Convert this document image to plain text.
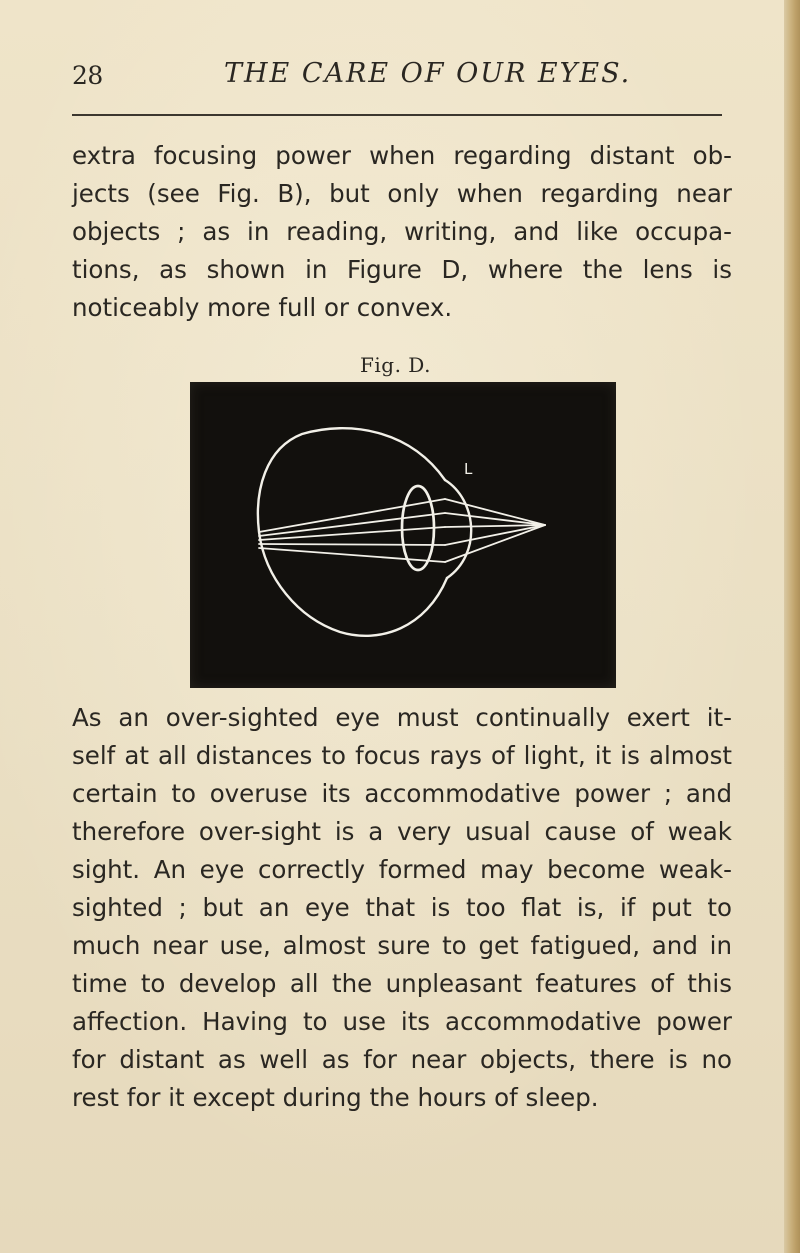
28	THE CARE OF OUR EYES.
extra focusing power when regarding distant ob-
jects (see Fig. B), but only when regarding near
objects ; as in reading, writing, and like occupa-
tions, as shown in Figure D, where the lens is
noticeably more full or convex.
Fig. D.
L
As an over-sighted eye must continually exert it-
self at all distances to focus rays of light, it is almost
certain to overuse its accommodative power ; and
therefore over-sight is a very usual cause of weak
sight. An eye correctly formed may become weak-
sighted ; but an eye that is too flat is, if put to
much near use, almost sure to get fatigued, and in
time to develop all the unpleasant features of this
affection. Having to use its accommodative power
for distant as well as for near objects, there is no
rest for it except during the hours of sleep.
